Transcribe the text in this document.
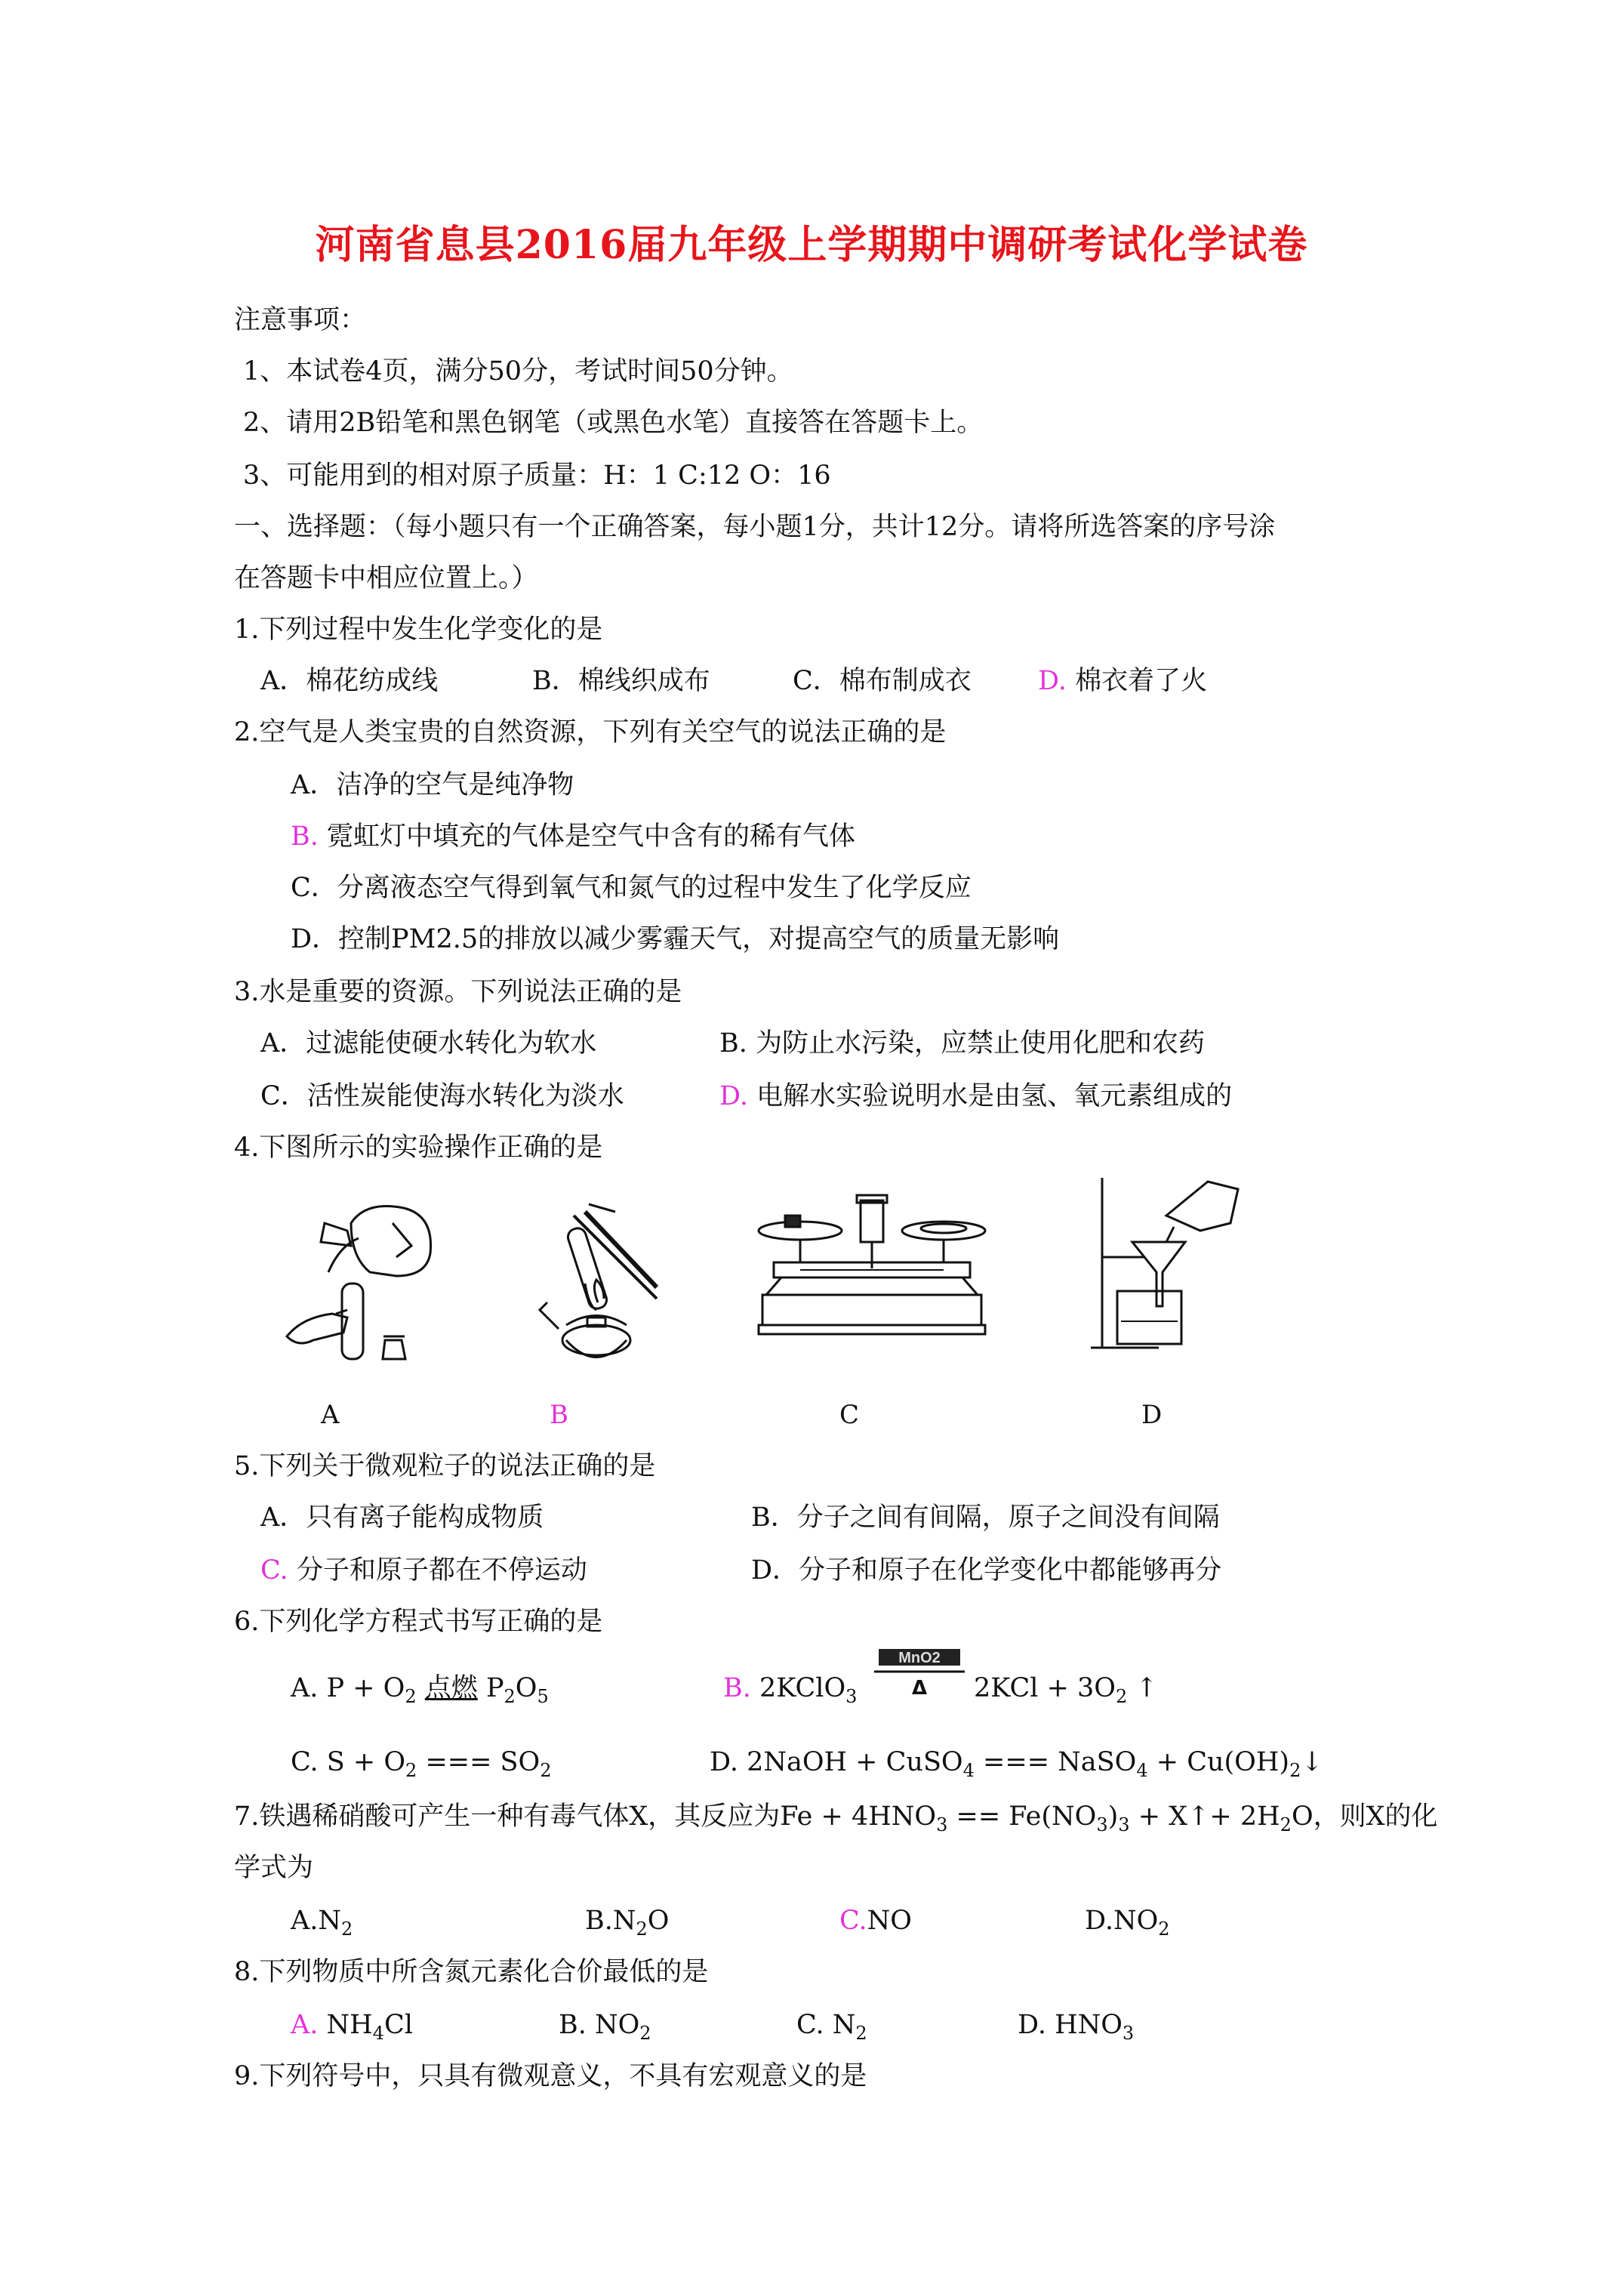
河南省息县2016届九年级上学期期中调研考试化学试卷
注意事项：
1、本试卷4页，满分50分，考试时间50分钟。
2、请用2B铅笔和黑色钢笔（或黑色水笔）直接答在答题卡上。
3、可能用到的相对原子质量：H：1 C:12 O：16
一、选择题：（每小题只有一个正确答案，每小题1分，共计12分。请将所选答案的序号涂
在答题卡中相应位置上。）
1.下列过程中发生化学变化的是
A．棉花纺成线	B．棉线织成布	C．棉布制成衣	D. 棉衣着了火
2.空气是人类宝贵的自然资源，下列有关空气的说法正确的是
A．洁净的空气是纯净物
B. 霓虹灯中填充的气体是空气中含有的稀有气体
C．分离液态空气得到氧气和氮气的过程中发生了化学反应
D．控制PM2.5的排放以减少雾霾天气，对提高空气的质量无影响
3.水是重要的资源。下列说法正确的是
A．过滤能使硬水转化为软水	B. 为防止水污染，应禁止使用化肥和农药
C．活性炭能使海水转化为淡水	D. 电解水实验说明水是由氢、氧元素组成的
4.下图所示的实验操作正确的是
A	B	C	D
5.下列关于微观粒子的说法正确的是
A．只有离子能构成物质	B．分子之间有间隔，原子之间没有间隔
C. 分子和原子都在不停运动	D．分子和原子在化学变化中都能够再分
6.下列化学方程式书写正确的是
A. $P + O_2$ 点燃 $P_2O_5$	B. 2KClO$_3$
MnO2
Δ $2KCl + 3O_2$ ↑
C. $S + O_2$ === $SO_2$	D. 2NaOH + CuSO$_4$ === NaSO$_4$ + $Cu(OH)_2↓$
7.铁遇稀硝酸可产生一种有毒气体X，其反应为$Fe + 4HNO_3 == Fe(NO_3)_3$ + X↑+ $2H_2O$，则X的化
学式为
$A.N_2$	$B.N_2O$	C.NO	$D.NO_2$
8.下列物质中所含氮元素化合价最低的是
A. $NH_4Cl$	B. $NO_2$	C. $N_2$	D. $HNO_3$
9.下列符号中，只具有微观意义，不具有宏观意义的是
